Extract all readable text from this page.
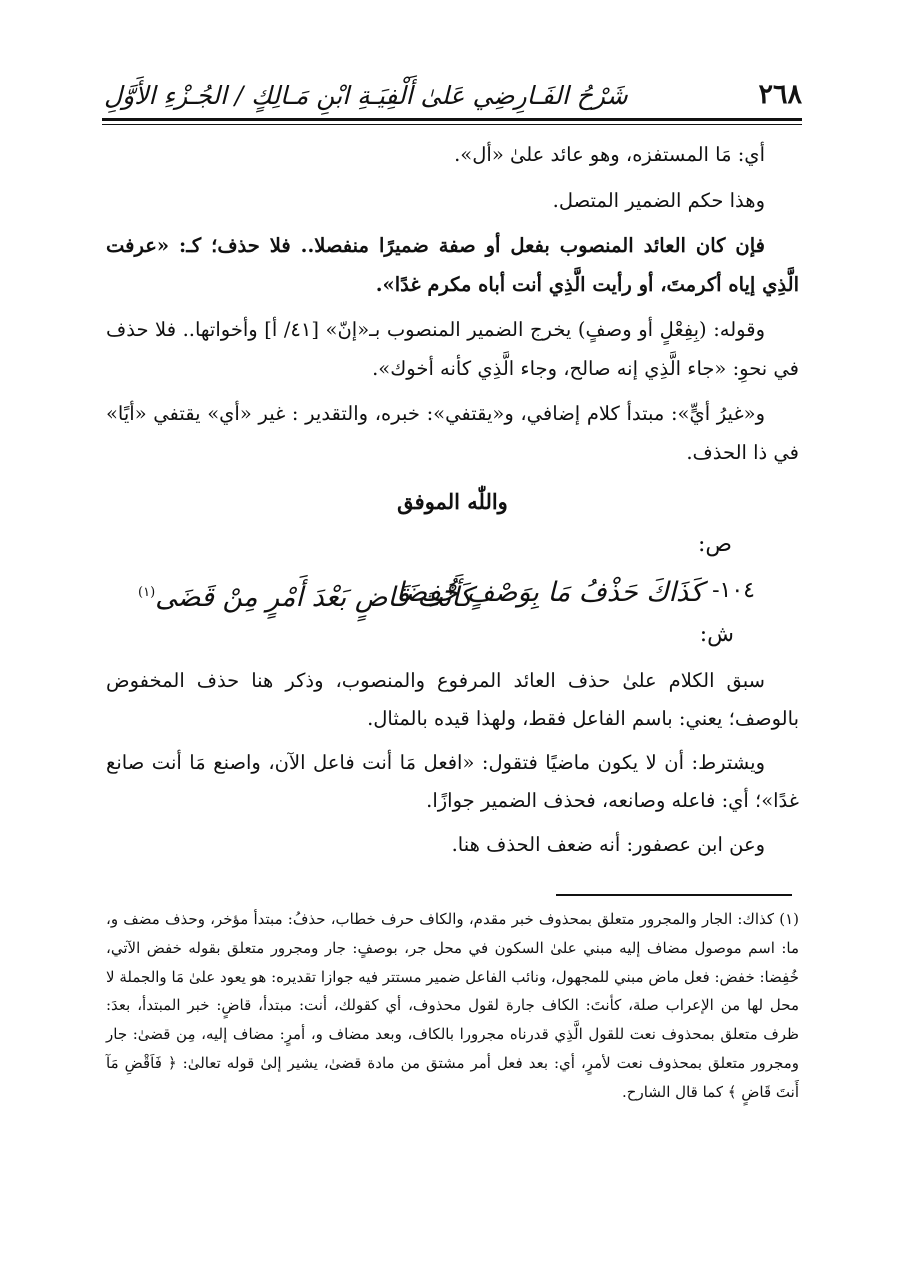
٢٦٨
شَرْحُ الفَـارِضِي عَلىٰ أَلْفِيَـةِ ابْنِ مَـالِكٍ / الجُـزْءِ الأَوَّلِ

أي: مَا المستفزه، وهو عائد علىٰ «أل».

وهذا حكم الضمير المتصل.

فإن كان العائد المنصوب بفعل أو صفة ضميرًا منفصلا.. فلا حذف؛ كـ: «عرفت الَّذِي إياه أكرمتَ، أو رأيت الَّذِي أنت أباه مكرم غدًا».

وقوله: (بِفِعْلٍ أو وصفٍ) يخرج الضمير المنصوب بـ«إنّ» [٤١/ أ] وأخواتها.. فلا حذف في نحوِ: «جاء الَّذِي إنه صالح، وجاء الَّذِي كأنه أخوك».

و«غيرُ أيٍّ»: مبتدأ كلام إضافي، و«يقتفي»: خبره، والتقدير : غير «أي» يقتفي «أيًا» في ذا الحذف.

واللّٰه الموفق
ص:
١٠٤-
كَذَاكَ حَذْفُ مَا بِوَصْفٍ خُفِضَا
كَأَنْتَ قَاضٍ بَعْدَ أَمْرٍ مِنْ قَضَى$^{(١)}$
ش:

سبق الكلام علىٰ حذف العائد المرفوع والمنصوب، وذكر هنا حذف المخفوض بالوصف؛ يعني: باسم الفاعل فقط، ولهذا قيده بالمثال.

ويشترط: أن لا يكون ماضيًا فتقول: «افعل مَا أنت فاعل الآن، واصنع مَا أنت صانع غدًا»؛ أي: فاعله وصانعه، فحذف الضمير جوازًا.

وعن ابن عصفور: أنه ضعف الحذف هنا.

(١) كذاك: الجار والمجرور متعلق بمحذوف خبر مقدم، والكاف حرف خطاب، حذفُ: مبتدأ مؤخر، وحذف مضف و، ما: اسم موصول مضاف إليه مبني علىٰ السكون في محل جر، بوصفٍ: جار ومجرور متعلق بقوله خفض الآتي، خُفِضا: خفض: فعل ماض مبني للمجهول، ونائب الفاعل ضمير مستتر فيه جوازا تقديره: هو يعود علىٰ مَا والجملة لا محل لها من الإعراب صلة، كأنتَ: الكاف جارة لقول محذوف، أي كقولك، أنت: مبتدأ، قاضٍ: خبر المبتدأ، بعدَ: ظرف متعلق بمحذوف نعت للقول الَّذِي قدرناه مجرورا بالكاف، وبعد مضاف و، أمرٍ: مضاف إليه، مِن قضىٰ: جار ومجرور متعلق بمحذوف نعت لأمرٍ، أي: بعد فعل أمر مشتق من مادة قضىٰ، يشير إلىٰ قوله تعالىٰ: ﴿ فَاَقْضِ مَآ أَنتَ قَاضٍ ﴾ كما قال الشارح.
